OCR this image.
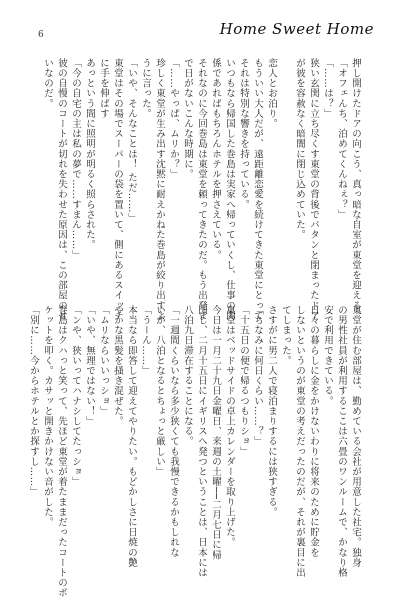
6	Home Sweet Home
押し開けたドアの向こう、真っ暗な自室が東堂を迎える。
「オフェんち、泊めてくんねぇ？」
「……は？」
狭い玄関に立ち尽くす東堂の背後でバタンと閉まったドア
が彼を容赦なく暗闇に閉じ込めていた。

恋人とお泊り。
もういい大人だが、遠距離恋愛を続けてきた東堂にとって
それは特別な響きを持っている。
いつもなら帰国した巻島は実家へ帰っていくし、仕事の関
係であればもちろんホテルを押さえている。
それなのに今回巻島は東堂を頼ってきたのだ。もう出発ま
で日がないこんな時期に。
「……やっぱ、ムリか？」
珍しく東堂が生み出す沈黙に耐えかねた巻島が絞り出すよ
うに言った。
「いや、そんなことは！ ただ……」
東堂はその場でスーパーの袋を置いて、側にあるスイッチ
に手を伸ばす
あっという間に照明が明るく照らされた。
「今の自宅の主は私の夢で……すまん……」
彼の自慢のコートが切れを失わせた原因は、この部屋のせ
いなのだ。
東堂が住む部屋は、勤めている会社が用意した社宅。独身
の男性社員が利用するここは六畳のワンルームで、かなり格
安で利用できている。
日々の暮らしに金をかけないわりに将来のために貯金を
しないというのが東堂の考えだったのだが、それが裏目に出
てしまった。
さすがに男二人で寝泊まりするには狭すぎる。
「ちなみに何日くらい……？」
「十五日の便で帰るつもりショ」
東堂はベッドサイドの卓上カレンダーを取り上げた。
今日は一月二十九日金曜日、来週の土曜──二月七日に帰
国し、二月十五日にイギリスへ発つということは、日本には
八泊九日滞在することになる。
「一週間くらいなら多少狭くても我慢できるかもしれな
いが、八泊となるとちょっと厳しい」
「うーん……」
本当なら即答して迎えてやりたい。もどかしさに日焼の艶
やかな黒髪を掻き混ぜた。
「ムリならいいっショ」
「いや、無理ではない！」
「ンや、狭いってハナシしてたっショ」
巻島はクハっと笑って、先ほど東堂が着たままだったコートのポ
ケットを叩く。カサッと開きかけない音がした。
「別に……今からホテルとか探すし……」
